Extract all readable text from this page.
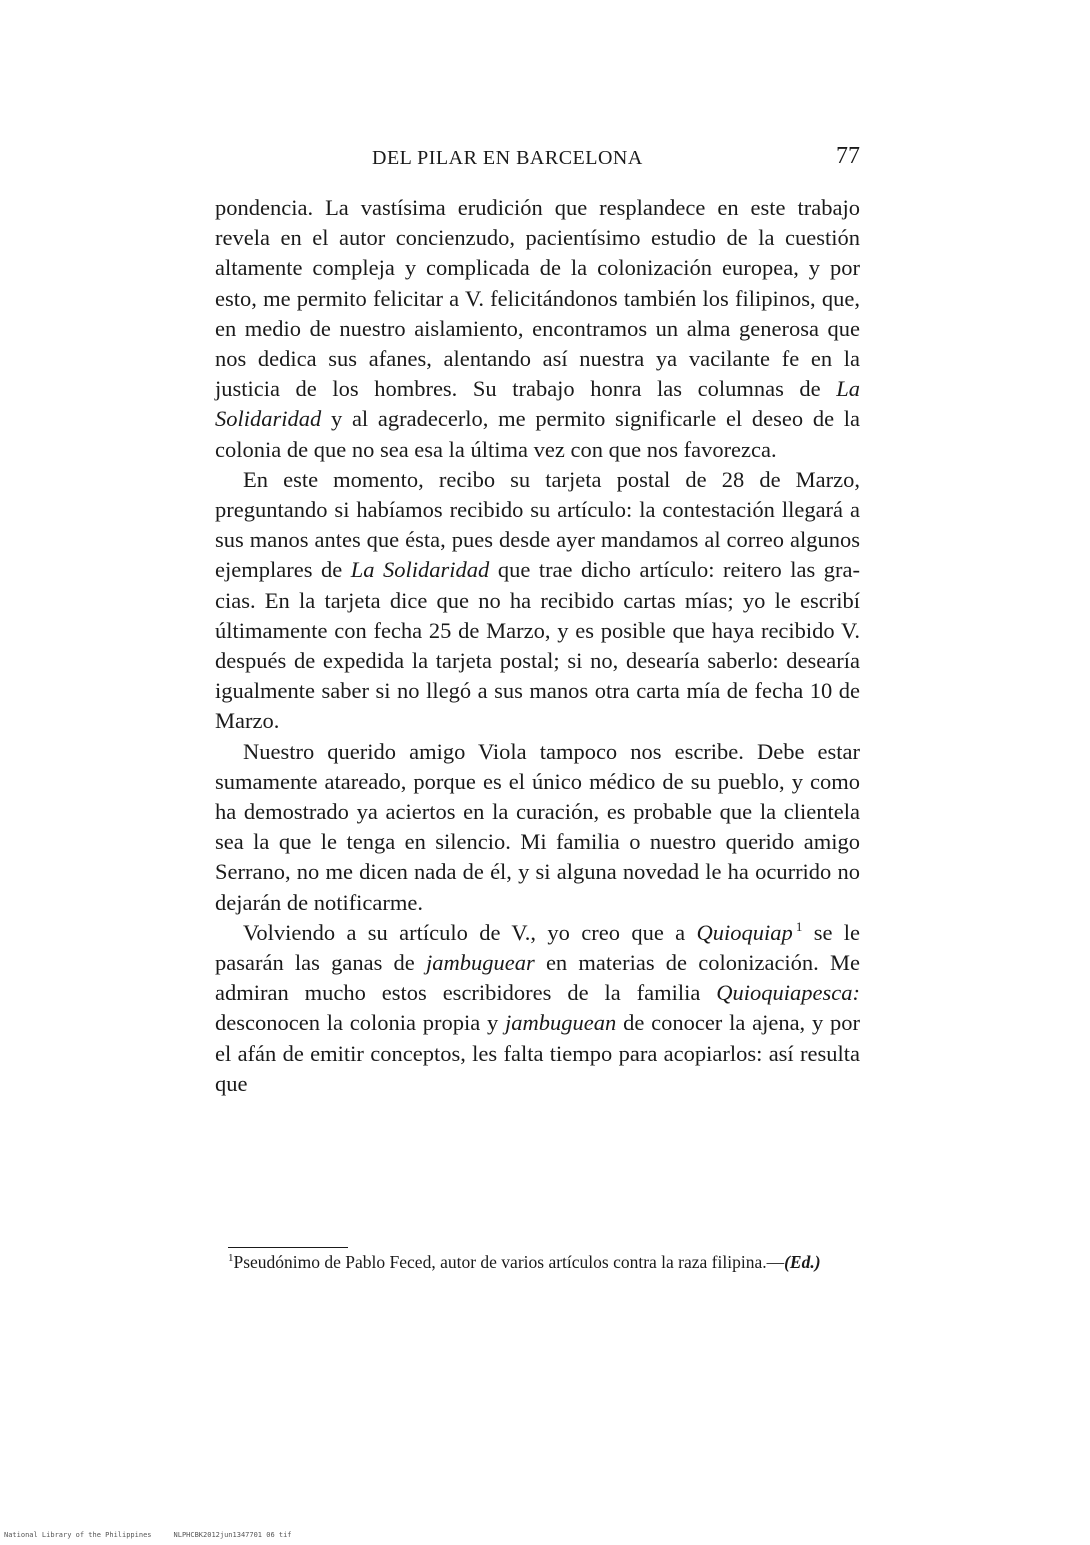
DEL PILAR EN BARCELONA	77

pondencia. La vastísima erudición que resplandece en este trabajo revela en el autor concienzudo, pacientísimo estudio de la cuestión altamente compleja y complicada de la colonización europea, y por esto, me permito felicitar a V. felicitándonos también los filipinos, que, en medio de nuestro aislamiento, encontramos un alma generosa que nos dedica sus afanes, alentando así nuestra ya vacilante fe en la justicia de los hombres. Su trabajo honra las columnas de La Solidaridad y al agradecerlo, me permito significarle el deseo de la colonia de que no sea esa la última vez con que nos favorezca.

En este momento, recibo su tarjeta postal de 28 de Marzo, preguntando si habíamos recibido su artículo: la contestación llegará a sus manos antes que ésta, pues desde ayer mandamos al correo algunos ejemplares de La Solidaridad que trae dicho artículo: reitero las gracias. En la tarjeta dice que no ha recibido cartas mías; yo le escribí últimamente con fecha 25 de Marzo, y es posible que haya recibido V. después de expedida la tarjeta postal; si no, desearía saberlo: desearía igualmente saber si no llegó a sus manos otra carta mía de fecha 10 de Marzo.

Nuestro querido amigo Viola tampoco nos escribe. Debe estar sumamente atareado, porque es el único médico de su pueblo, y como ha demostrado ya aciertos en la curación, es probable que la clientela sea la que le tenga en silencio. Mi familia o nuestro querido amigo Serrano, no me dicen nada de él, y si alguna novedad le ha ocurrido no dejarán de notificarme.

Volviendo a su artículo de V., yo creo que a Quioquiap $^1$ se le pasarán las ganas de jambuguear en materias de colonización. Me admiran mucho estos escribidores de la familia Quioquiapesca: desconocen la colonia propia y jambuguean de conocer la ajena, y por el afán de emitir conceptos, les falta tiempo para acopiarlos: así resulta que

$^1$Pseudónimo de Pablo Feced, autor de varios artículos contra la raza filipina.—(Ed.)

National Library of the Philippines	NLPHCBK2012jun1347701 06 tif
